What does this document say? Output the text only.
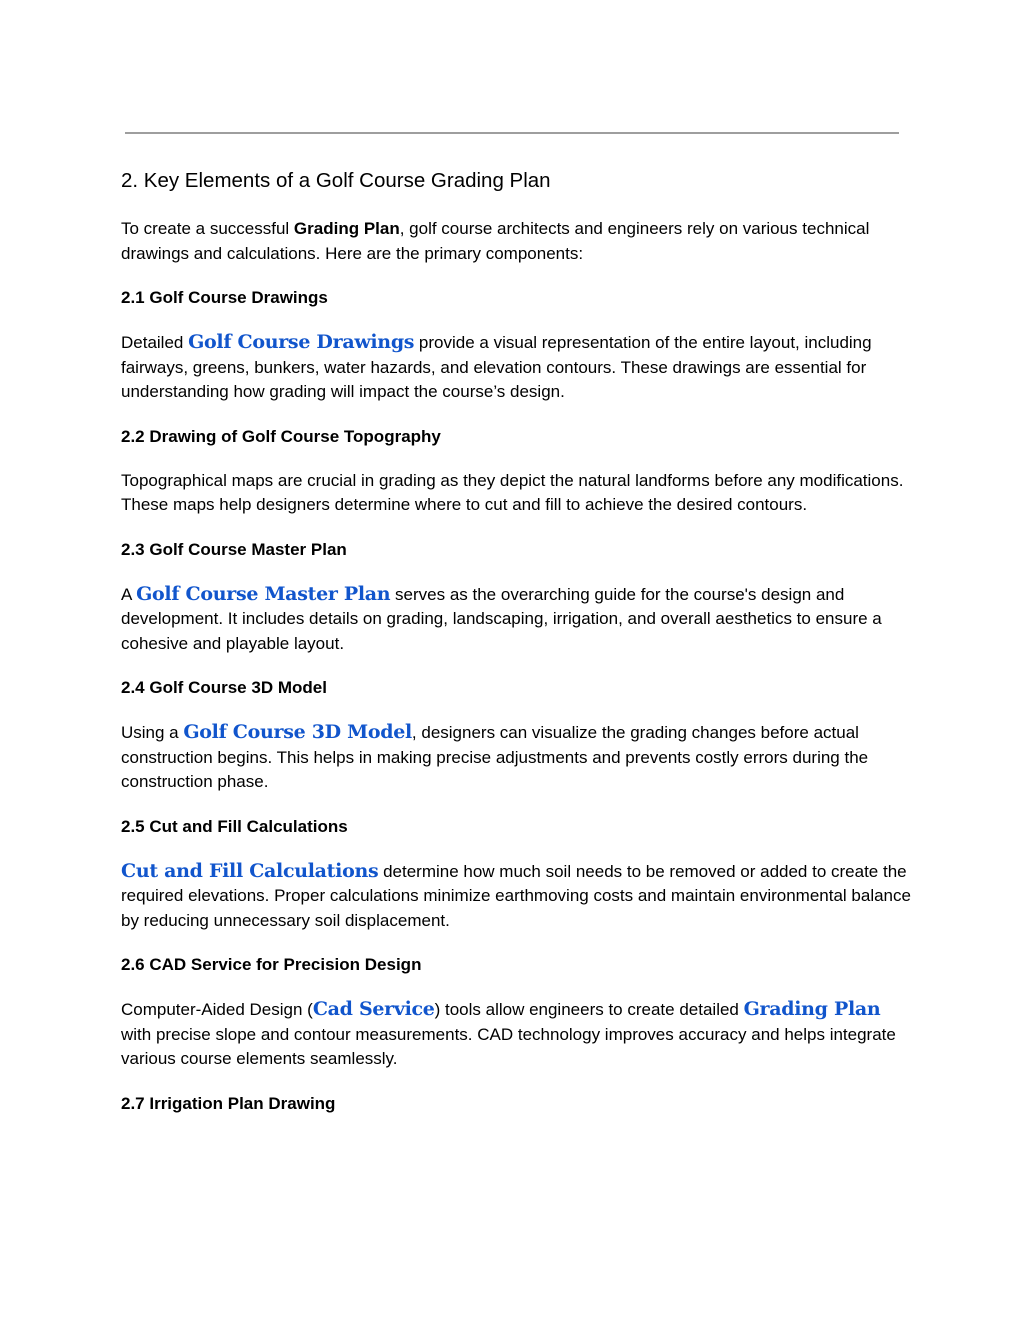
2. Key Elements of a Golf Course Grading Plan

To create a successful Grading Plan, golf course architects and engineers rely on various technical drawings and calculations. Here are the primary components:

2.1 Golf Course Drawings

Detailed Golf Course Drawings provide a visual representation of the entire layout, including fairways, greens, bunkers, water hazards, and elevation contours. These drawings are essential for understanding how grading will impact the course’s design.

2.2 Drawing of Golf Course Topography

Topographical maps are crucial in grading as they depict the natural landforms before any modifications. These maps help designers determine where to cut and fill to achieve the desired contours.

2.3 Golf Course Master Plan

A Golf Course Master Plan serves as the overarching guide for the course's design and development. It includes details on grading, landscaping, irrigation, and overall aesthetics to ensure a cohesive and playable layout.

2.4 Golf Course 3D Model

Using a Golf Course 3D Model, designers can visualize the grading changes before actual construction begins. This helps in making precise adjustments and prevents costly errors during the construction phase.

2.5 Cut and Fill Calculations

Cut and Fill Calculations determine how much soil needs to be removed or added to create the required elevations. Proper calculations minimize earthmoving costs and maintain environmental balance by reducing unnecessary soil displacement.

2.6 CAD Service for Precision Design

Computer-Aided Design (Cad Service) tools allow engineers to create detailed Grading Plan with precise slope and contour measurements. CAD technology improves accuracy and helps integrate various course elements seamlessly.

2.7 Irrigation Plan Drawing
